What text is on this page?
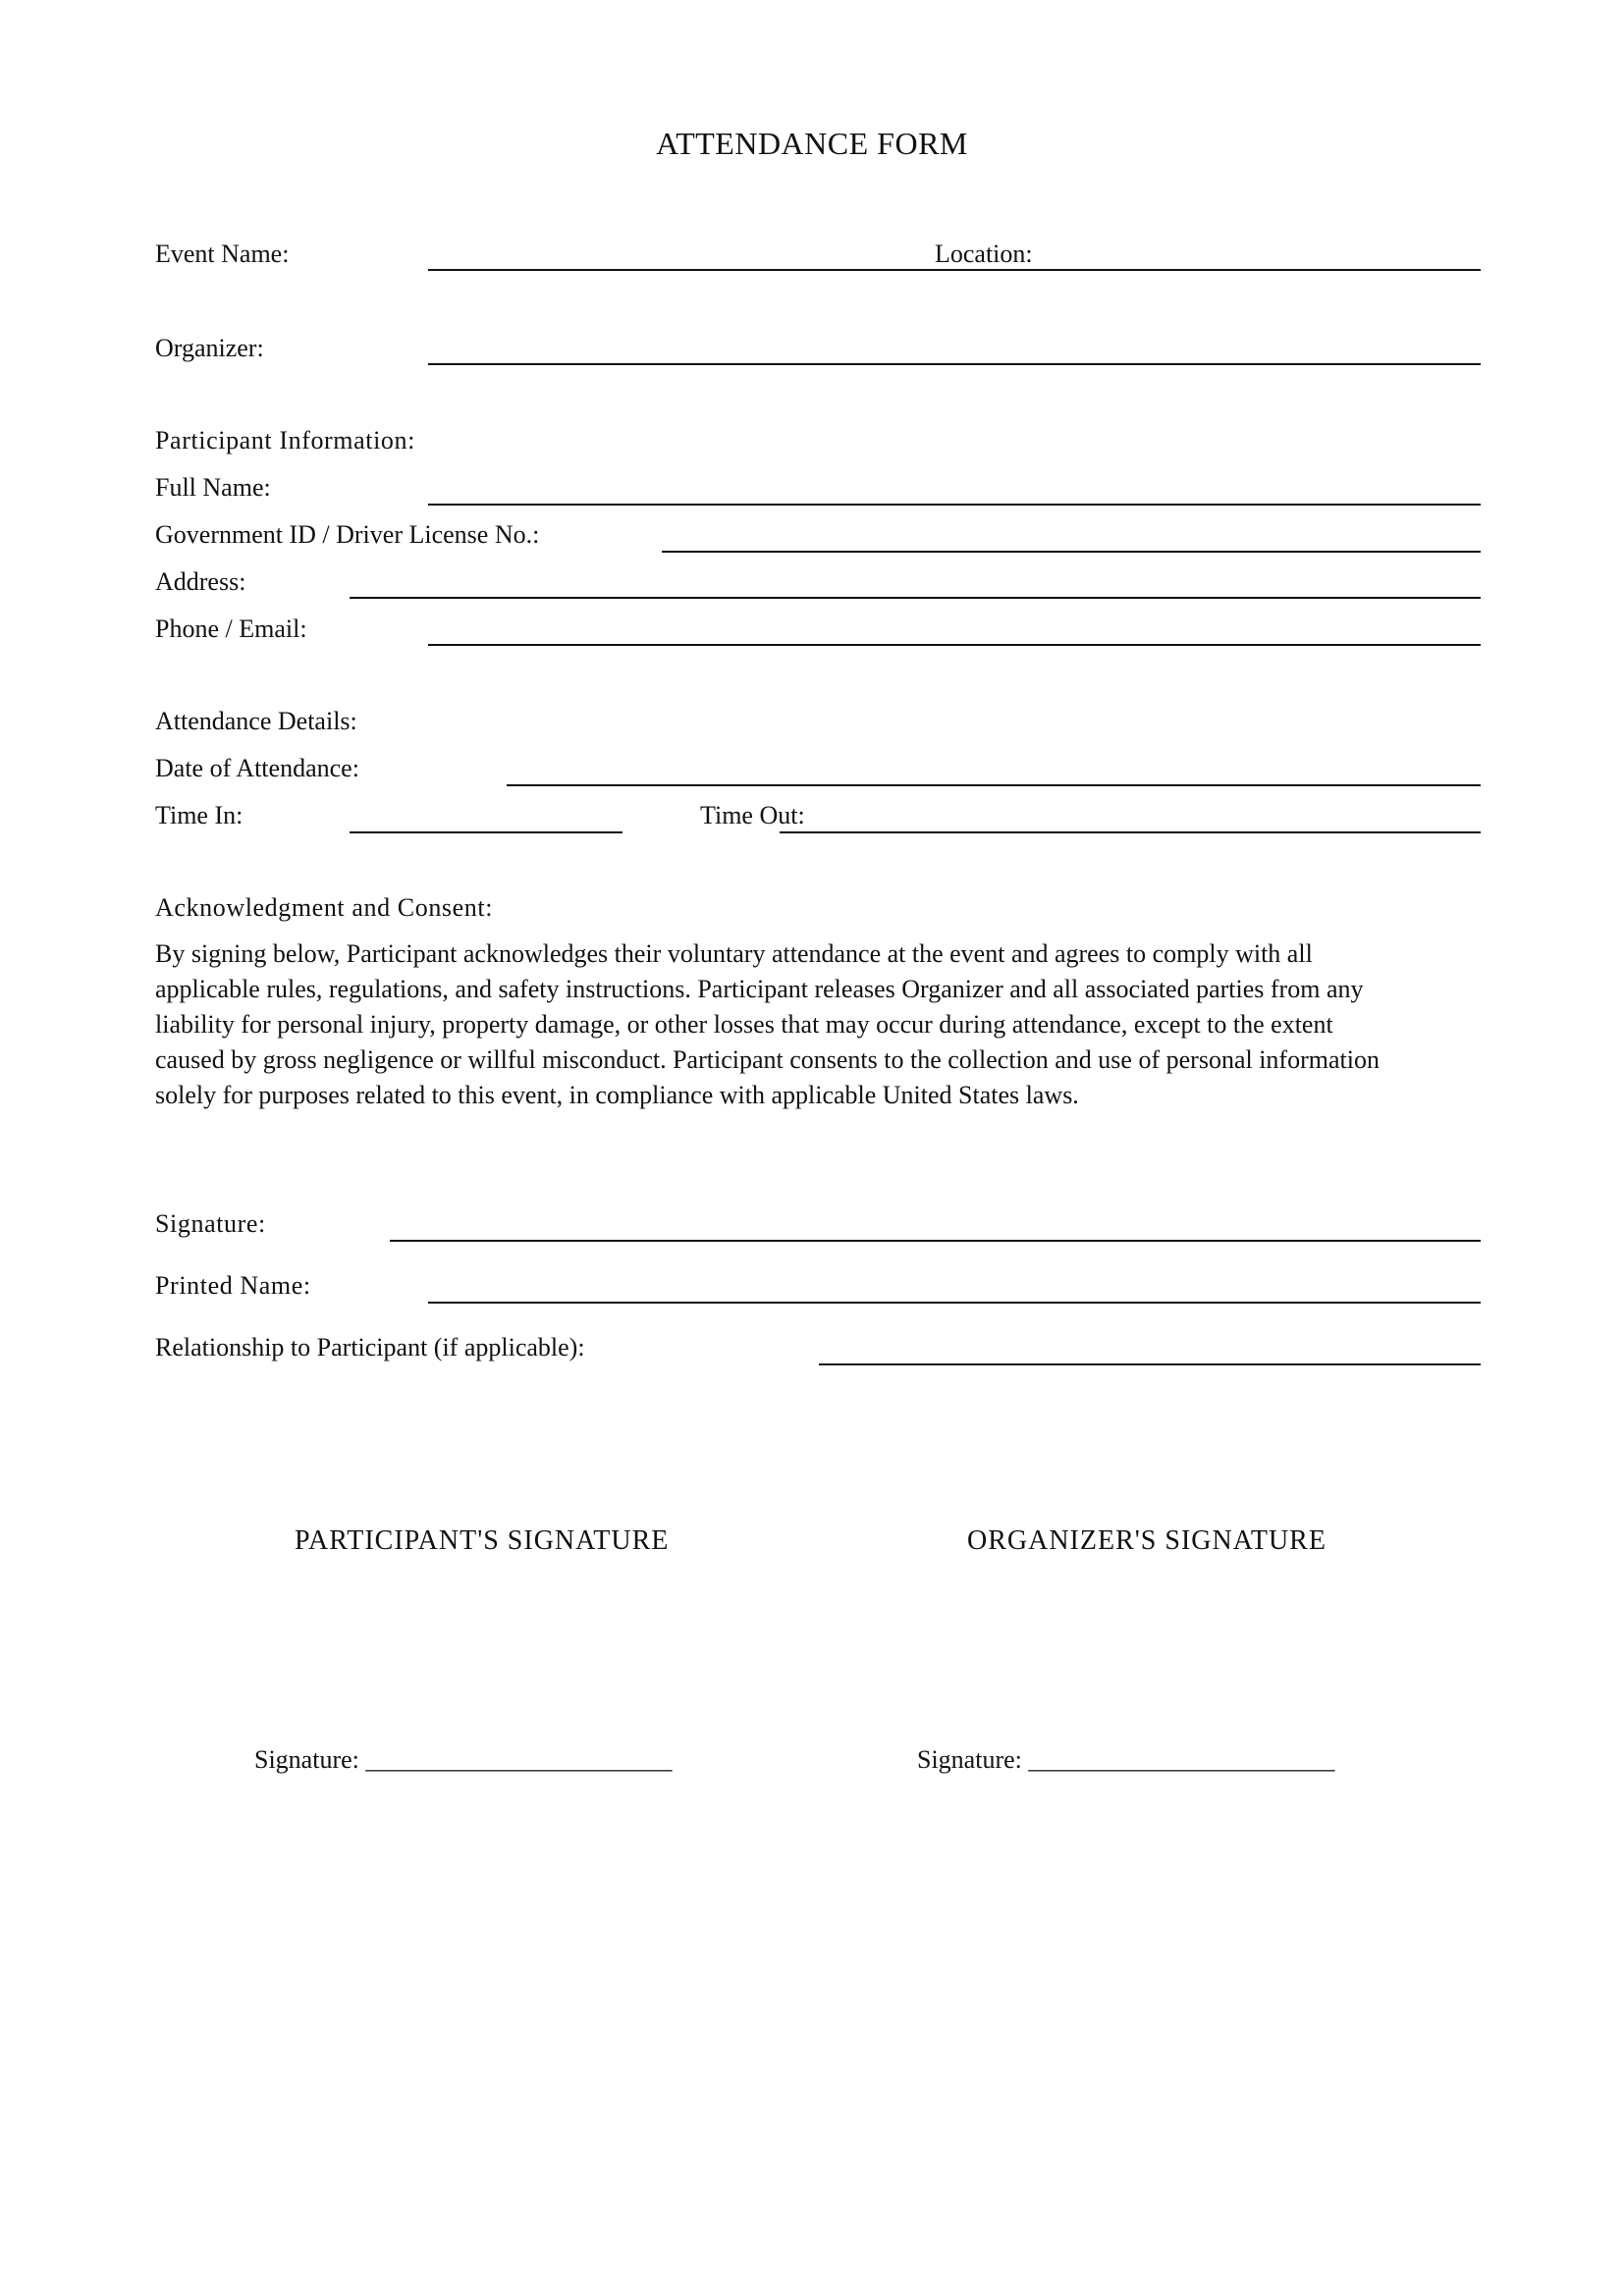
ATTENDANCE FORM
Event Name:	Location:
Organizer:
Participant Information:
Full Name:
Government ID / Driver License No.:
Address:
Phone / Email:
Attendance Details:
Date of Attendance:
Time In:	Time Out:
Acknowledgment and Consent:
By signing below, Participant acknowledges their voluntary attendance at the event and agrees to comply with all
applicable rules, regulations, and safety instructions. Participant releases Organizer and all associated parties from any
liability for personal injury, property damage, or other losses that may occur during attendance, except to the extent
caused by gross negligence or willful misconduct. Participant consents to the collection and use of personal information
solely for purposes related to this event, in compliance with applicable United States laws.
Signature:
Printed Name:
Relationship to Participant (if applicable):
PARTICIPANT'S SIGNATURE	ORGANIZER'S SIGNATURE
Signature: ________________________	Signature: ________________________
